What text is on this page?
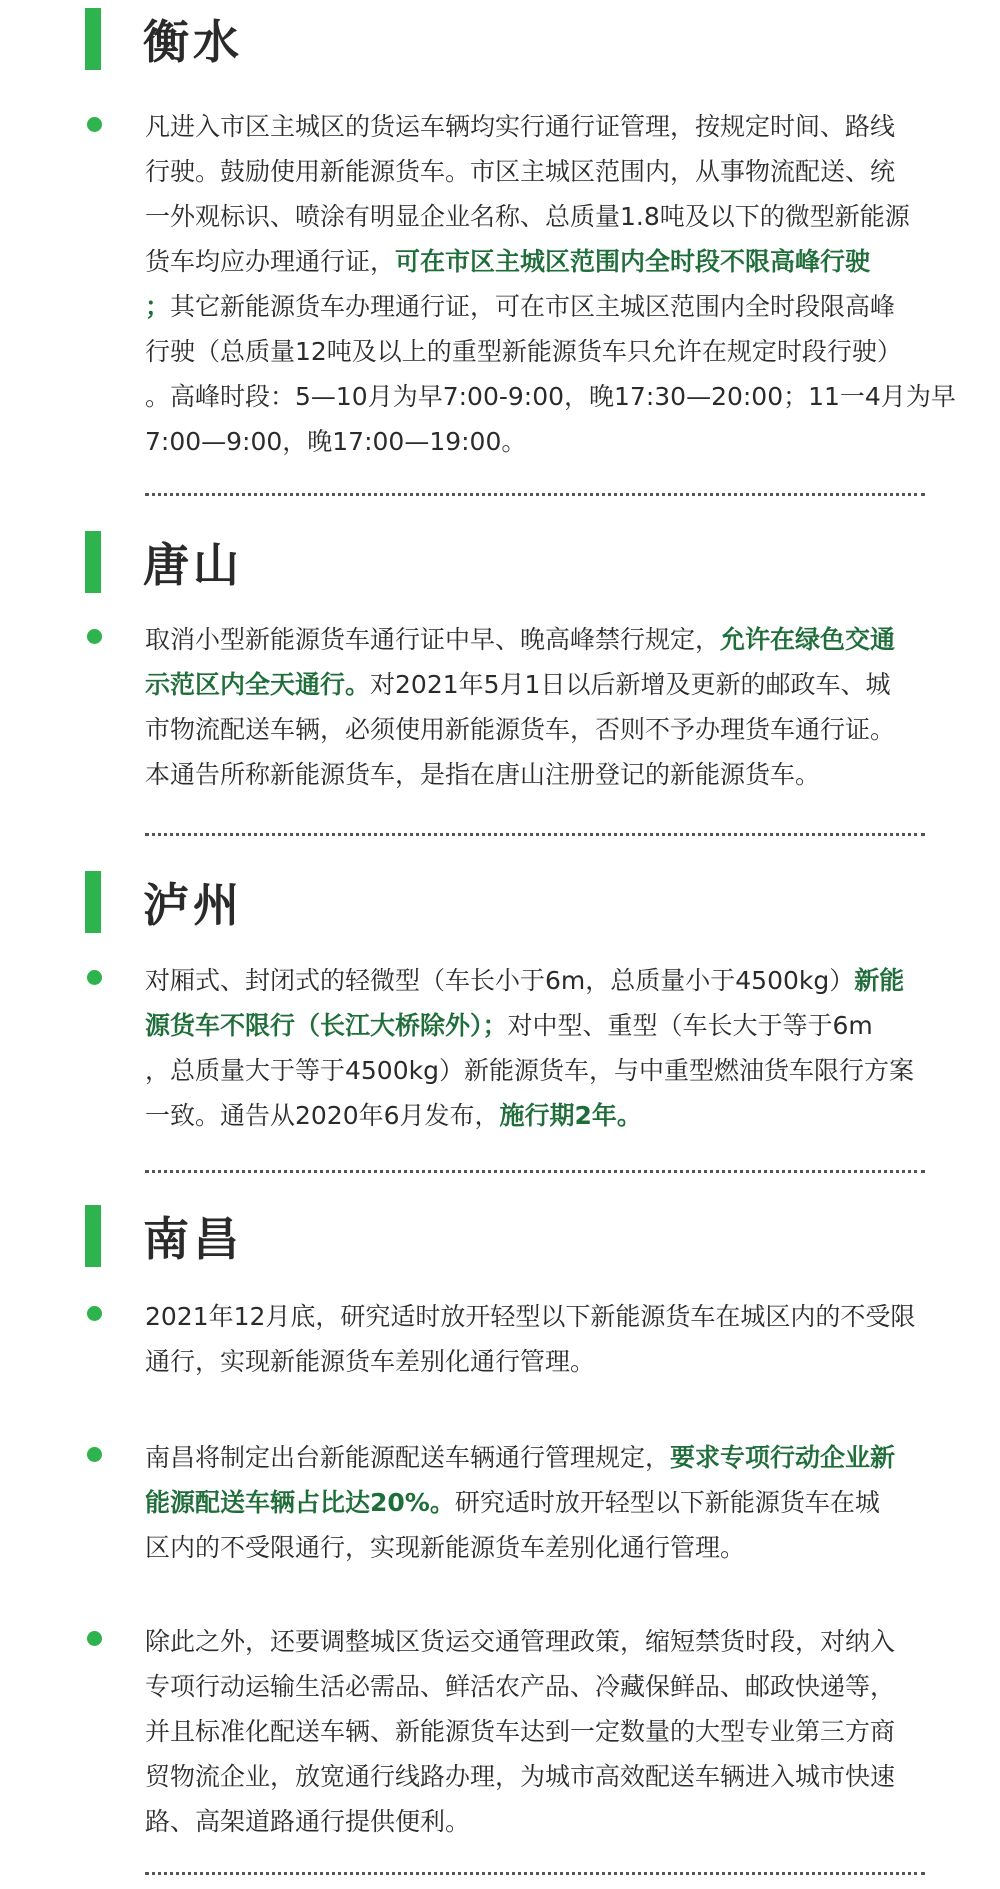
衡水
凡进入市区主城区的货运车辆均实行通行证管理，按规定时间、路线
行驶。鼓励使用新能源货车。市区主城区范围内，从事物流配送、统
一外观标识、喷涂有明显企业名称、总质量1.8吨及以下的微型新能源
货车均应办理通行证，可在市区主城区范围内全时段不限高峰行驶
；其它新能源货车办理通行证，可在市区主城区范围内全时段限高峰
行驶（总质量12吨及以上的重型新能源货车只允许在规定时段行驶）
。高峰时段：5—10月为早7:00-9:00，晚17:30—20:00；11一4月为早
7:00—9:00，晚17:00—19:00。
唐山
取消小型新能源货车通行证中早、晚高峰禁行规定，允许在绿色交通
示范区内全天通行。对2021年5月1日以后新增及更新的邮政车、城
市物流配送车辆，必须使用新能源货车，否则不予办理货车通行证。
本通告所称新能源货车，是指在唐山注册登记的新能源货车。
泸州
对厢式、封闭式的轻微型（车长小于6m，总质量小于4500kg）新能
源货车不限行（长江大桥除外）；对中型、重型（车长大于等于6m
，总质量大于等于4500kg）新能源货车，与中重型燃油货车限行方案
一致。通告从2020年6月发布，施行期2年。
南昌
2021年12月底，研究适时放开轻型以下新能源货车在城区内的不受限
通行，实现新能源货车差别化通行管理。
南昌将制定出台新能源配送车辆通行管理规定，要求专项行动企业新
能源配送车辆占比达20%。研究适时放开轻型以下新能源货车在城
区内的不受限通行，实现新能源货车差别化通行管理。
除此之外，还要调整城区货运交通管理政策，缩短禁货时段，对纳入
专项行动运输生活必需品、鲜活农产品、冷藏保鲜品、邮政快递等，
并且标准化配送车辆、新能源货车达到一定数量的大型专业第三方商
贸物流企业，放宽通行线路办理，为城市高效配送车辆进入城市快速
路、高架道路通行提供便利。
